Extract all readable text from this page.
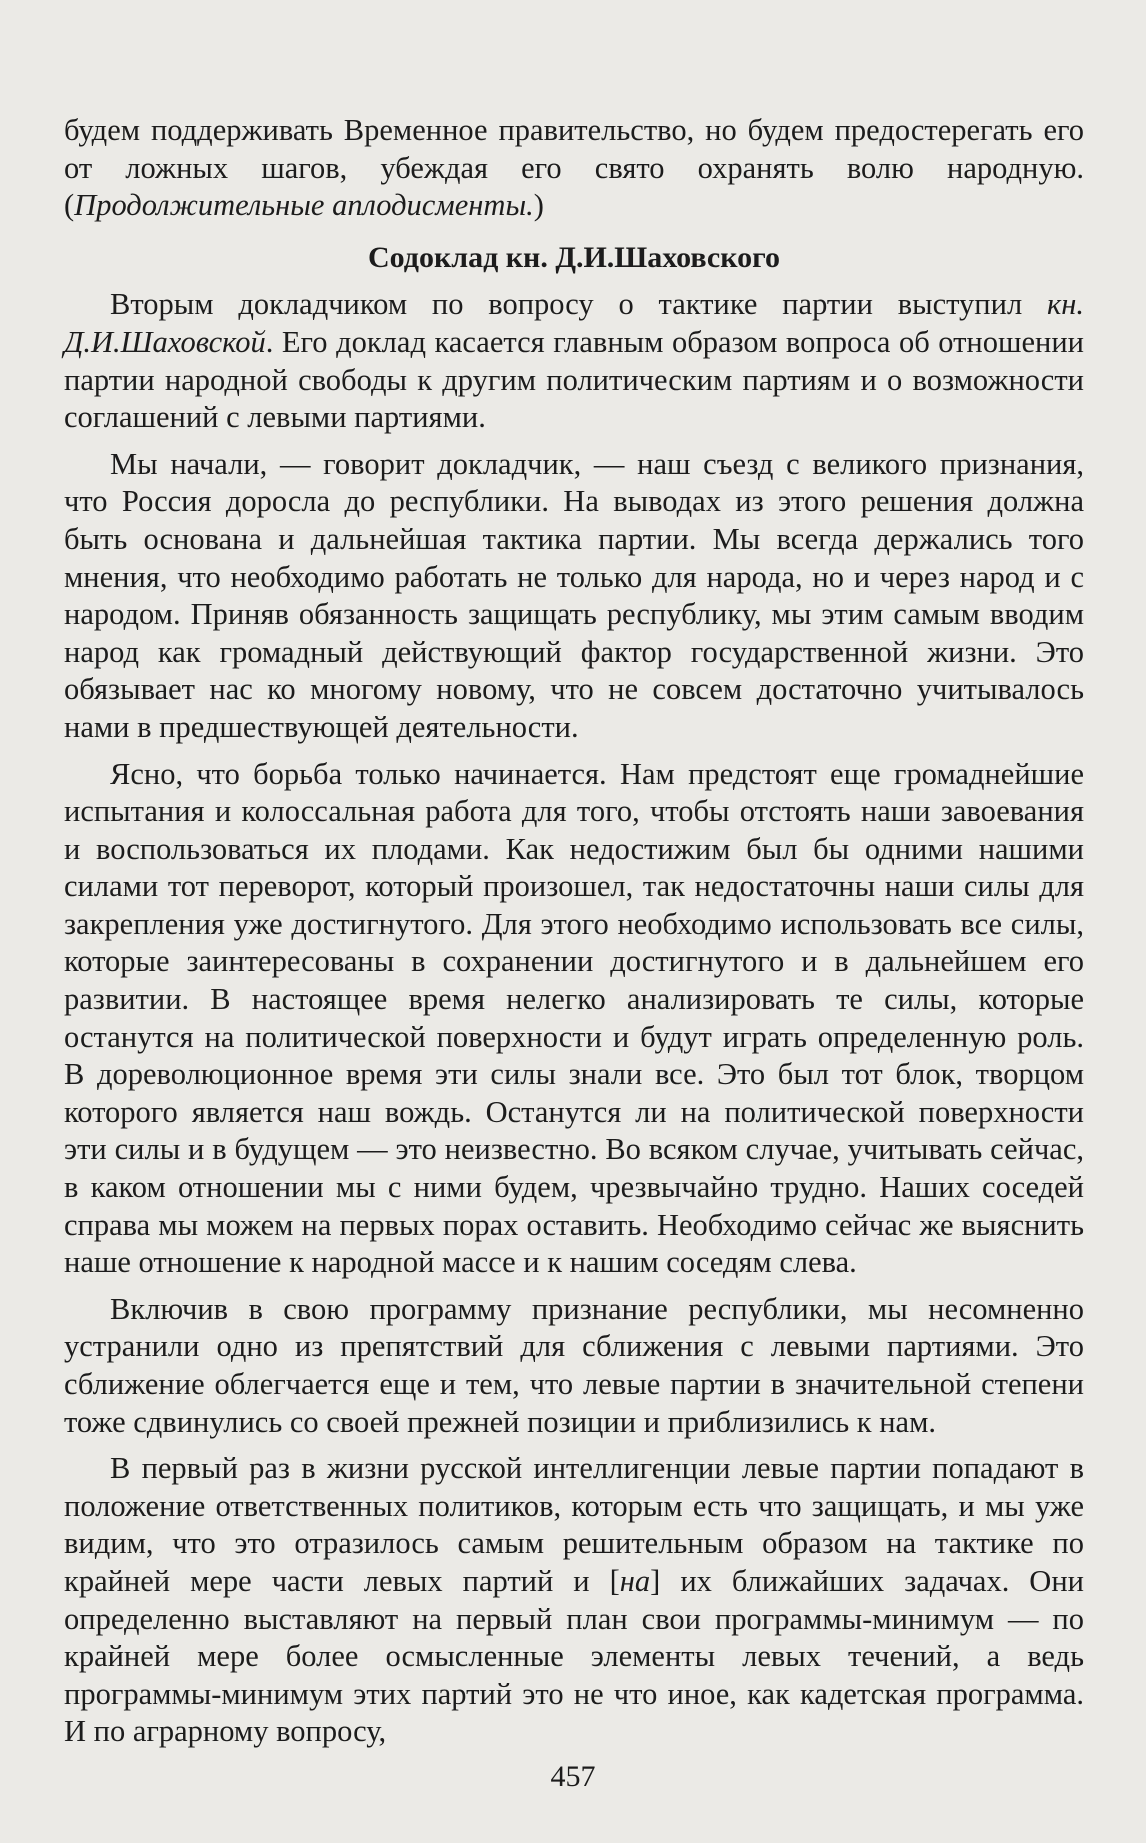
будем поддерживать Временное правительство, но будем предостерегать его от ложных шагов, убеждая его свято охранять волю народную. (Продолжительные аплодисменты.)

Содоклад кн. Д.И.Шаховского

Вторым докладчиком по вопросу о тактике партии выступил кн. Д.И.Шаховской. Его доклад касается главным образом вопроса об отношении партии народной свободы к другим политическим партиям и о возможности соглашений с левыми партиями.

Мы начали, — говорит докладчик, — наш съезд с великого признания, что Россия доросла до республики. На выводах из этого решения должна быть основана и дальнейшая тактика партии. Мы всегда держались того мнения, что необходимо работать не только для народа, но и через народ и с народом. Приняв обязанность защищать республику, мы этим самым вводим народ как громадный действующий фактор государственной жизни. Это обязывает нас ко многому новому, что не совсем достаточно учитывалось нами в предшествующей деятельности.

Ясно, что борьба только начинается. Нам предстоят еще громаднейшие испытания и колоссальная работа для того, чтобы отстоять наши завоевания и воспользоваться их плодами. Как недостижим был бы одними нашими силами тот переворот, который произошел, так недостаточны наши силы для закрепления уже достигнутого. Для этого необходимо использовать все силы, которые заинтересованы в сохранении достигнутого и в дальнейшем его развитии. В настоящее время нелегко анализировать те силы, которые останутся на политической поверхности и будут играть определенную роль. В дореволюционное время эти силы знали все. Это был тот блок, творцом которого является наш вождь. Останутся ли на политической поверхности эти силы и в будущем — это неизвестно. Во всяком случае, учитывать сейчас, в каком отношении мы с ними будем, чрезвычайно трудно. Наших соседей справа мы можем на первых порах оставить. Необходимо сейчас же выяснить наше отношение к народной массе и к нашим соседям слева.

Включив в свою программу признание республики, мы несомненно устранили одно из препятствий для сближения с левыми партиями. Это сближение облегчается еще и тем, что левые партии в значительной степени тоже сдвинулись со своей прежней позиции и приблизились к нам.

В первый раз в жизни русской интеллигенции левые партии попадают в положение ответственных политиков, которым есть что защищать, и мы уже видим, что это отразилось самым решительным образом на тактике по крайней мере части левых партий и [на] их ближайших задачах. Они определенно выставляют на первый план свои программы-минимум — по крайней мере более осмысленные элементы левых течений, а ведь программы-минимум этих партий это не что иное, как кадетская программа. И по аграрному вопросу,

457
